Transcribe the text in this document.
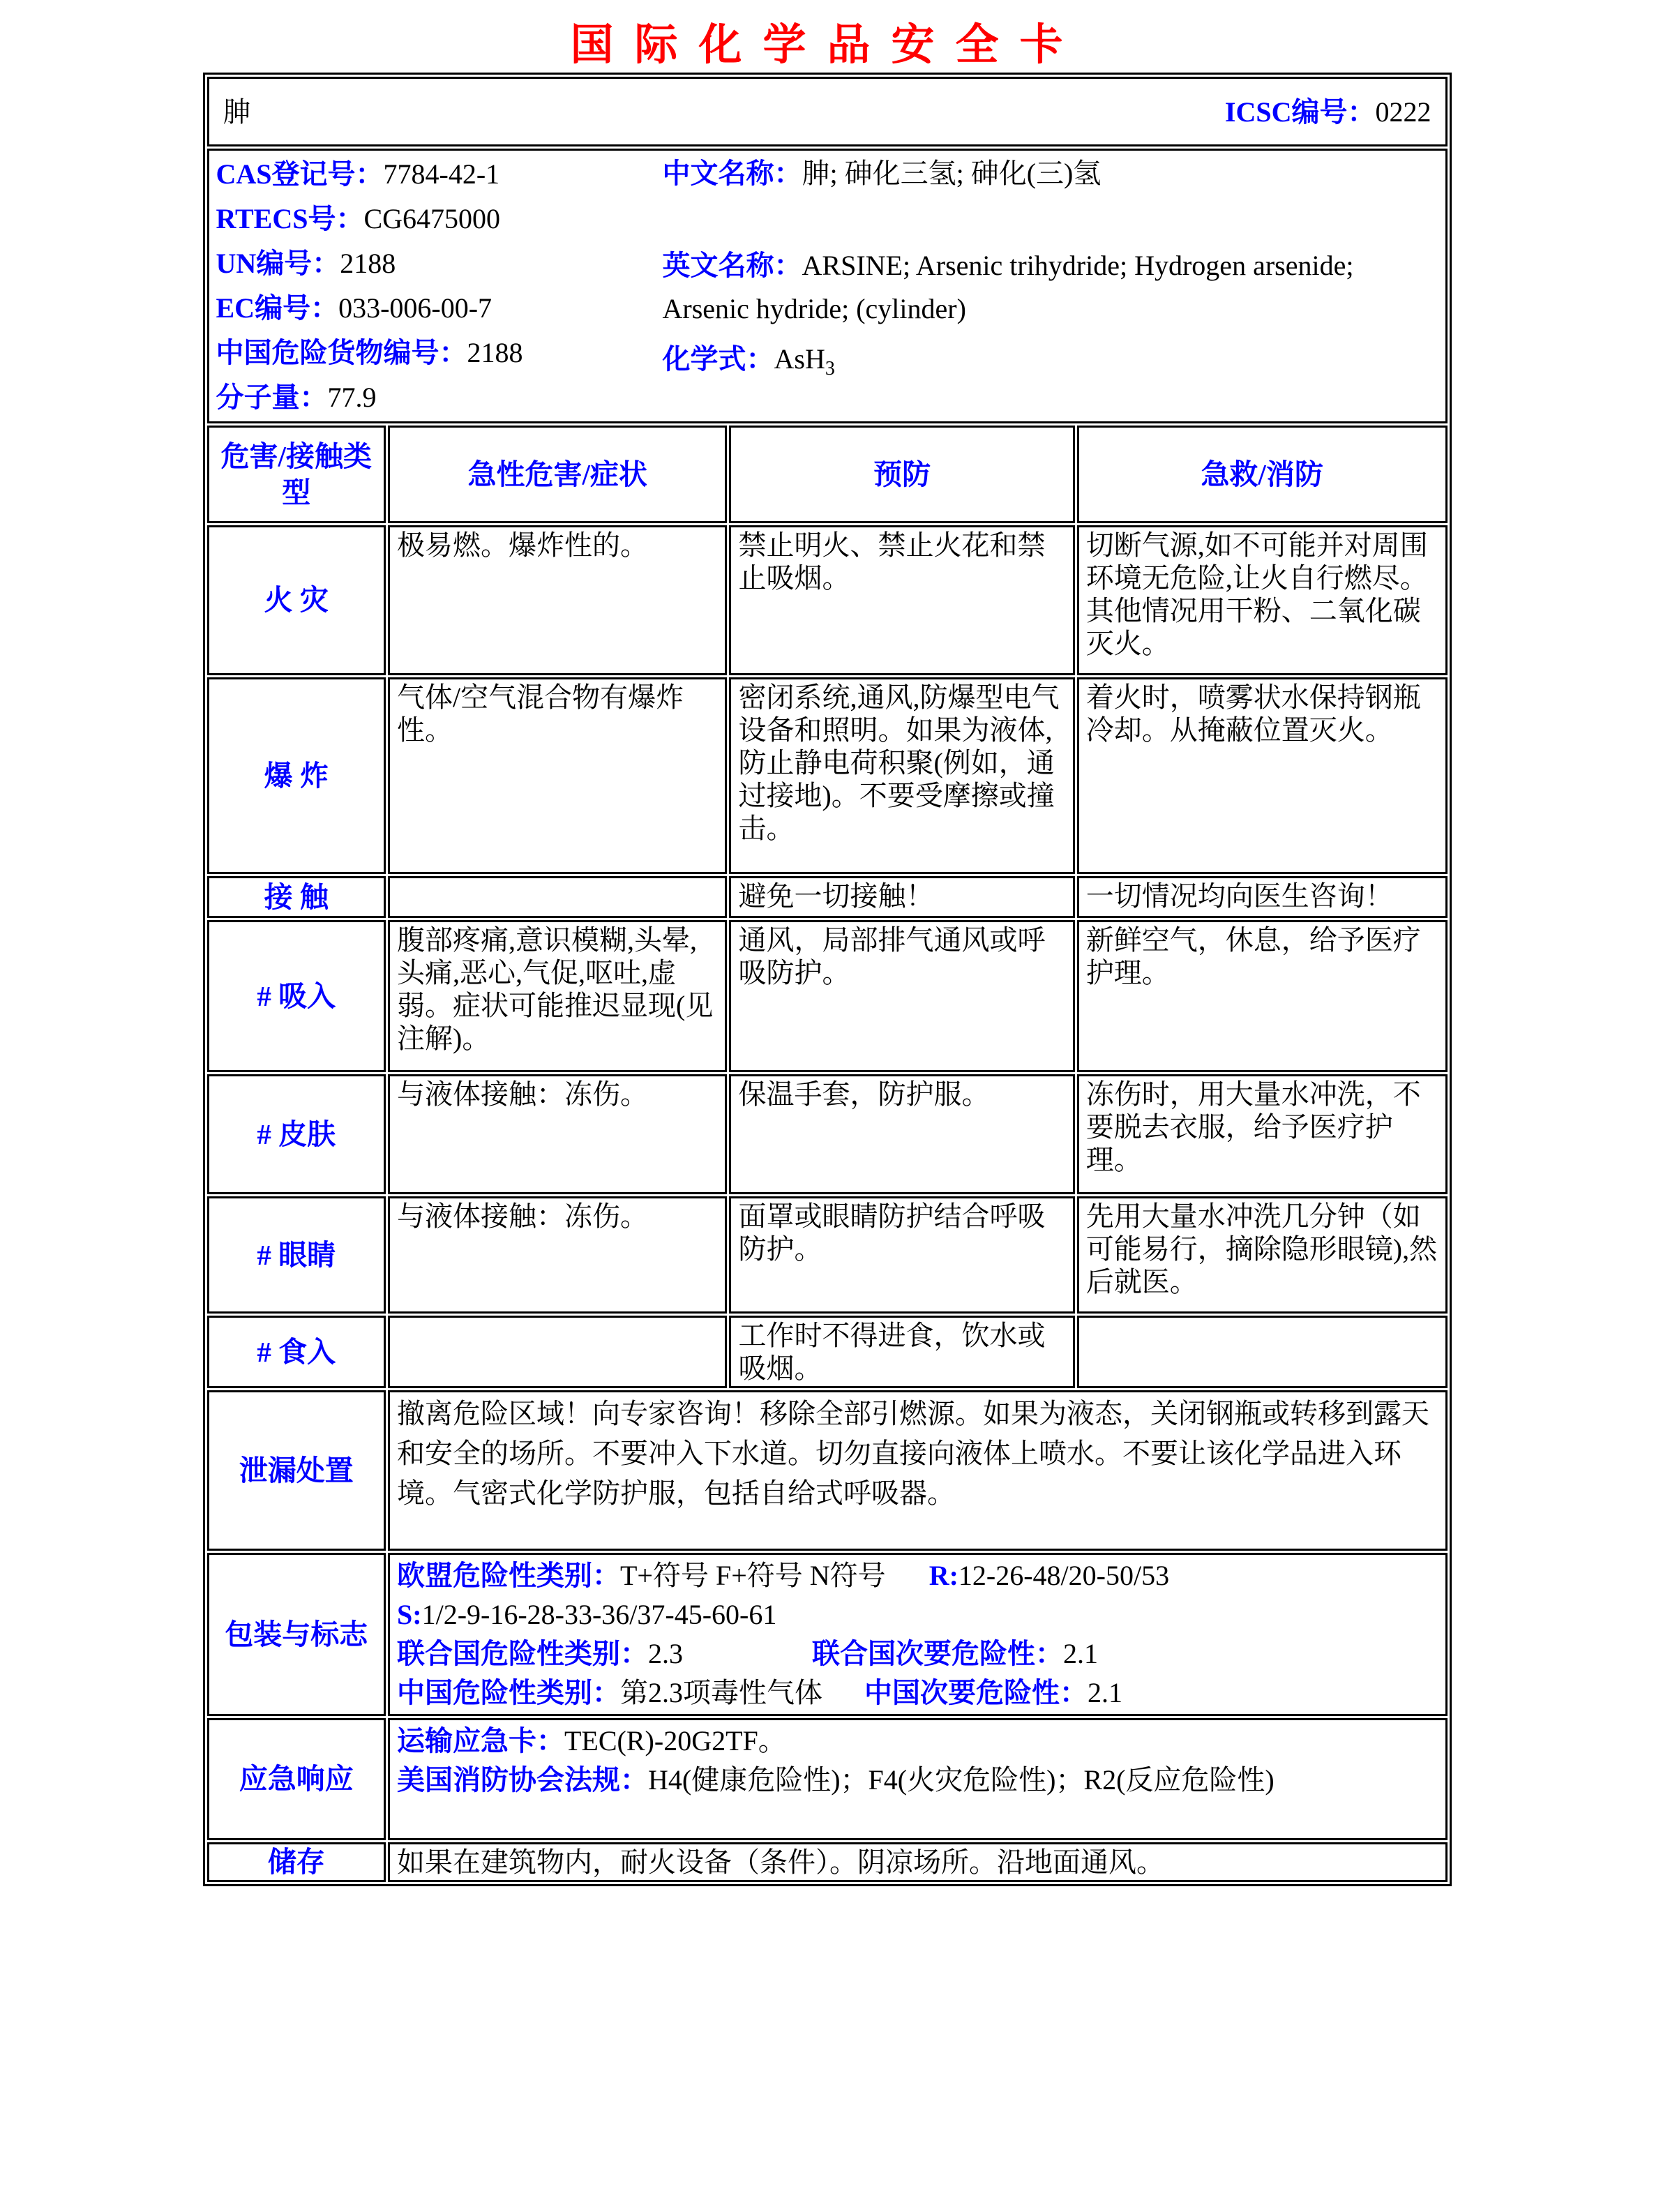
国际化学品安全卡
胂 ICSC编号：0222			

CAS登记号：7784-42-1
RTECS号：CG6475000
UN编号：2188
EC编号：033-006-00-7
中国危险货物编号：2188
分子量：77.9
中文名称：胂; 砷化三氢; 砷化(三)氢
英文名称：ARSINE; Arsenic trihydride; Hydrogen arsenide; Arsenic hydride; (cylinder)
化学式：AsH$_3$

危害/接触类型	急性危害/症状	预防	急救/消防
火 灾	极易燃。爆炸性的。	禁止明火、禁止火花和禁止吸烟。	切断气源,如不可能并对周围环境无危险,让火自行燃尽。其他情况用干粉、二氧化碳灭火。
爆 炸	气体/空气混合物有爆炸性。	密闭系统,通风,防爆型电气设备和照明。如果为液体,防止静电荷积聚(例如，通过接地)。不要受摩擦或撞击。	着火时，喷雾状水保持钢瓶冷却。从掩蔽位置灭火。
接 触		避免一切接触！	一切情况均向医生咨询！
# 吸入	腹部疼痛,意识模糊,头晕,头痛,恶心,气促,呕吐,虚弱。症状可能推迟显现(见注解)。	通风，局部排气通风或呼吸防护。	新鲜空气，休息，给予医疗护理。
# 皮肤	与液体接触：冻伤。	保温手套，防护服。	冻伤时，用大量水冲洗，不要脱去衣服，给予医疗护理。
# 眼睛	与液体接触：冻伤。	面罩或眼睛防护结合呼吸防护。	先用大量水冲洗几分钟（如可能易行，摘除隐形眼镜),然后就医。
# 食入		工作时不得进食，饮水或吸烟。	
泄漏处置	撤离危险区域！向专家咨询！移除全部引燃源。如果为液态，关闭钢瓶或转移到露天和安全的场所。不要冲入下水道。切勿直接向液体上喷水。不要让该化学品进入环境。气密式化学防护服，包括自给式呼吸器。		
包装与标志	欧盟危险性类别：T+符号 F+符号 N符号 R:12-26-48/20-50/53
S:1/2-9-16-28-33-36/37-45-60-61
联合国危险性类别：2.3 联合国次要危险性：2.1
中国危险性类别：第2.3项毒性气体 中国次要危险性：2.1		

应急响应	运输应急卡：TEC(R)-20G2TF。
美国消防协会法规：H4(健康危险性)；F4(火灾危险性)；R2(反应危险性)		

储存	如果在建筑物内，耐火设备（条件）。阴凉场所。沿地面通风。		
